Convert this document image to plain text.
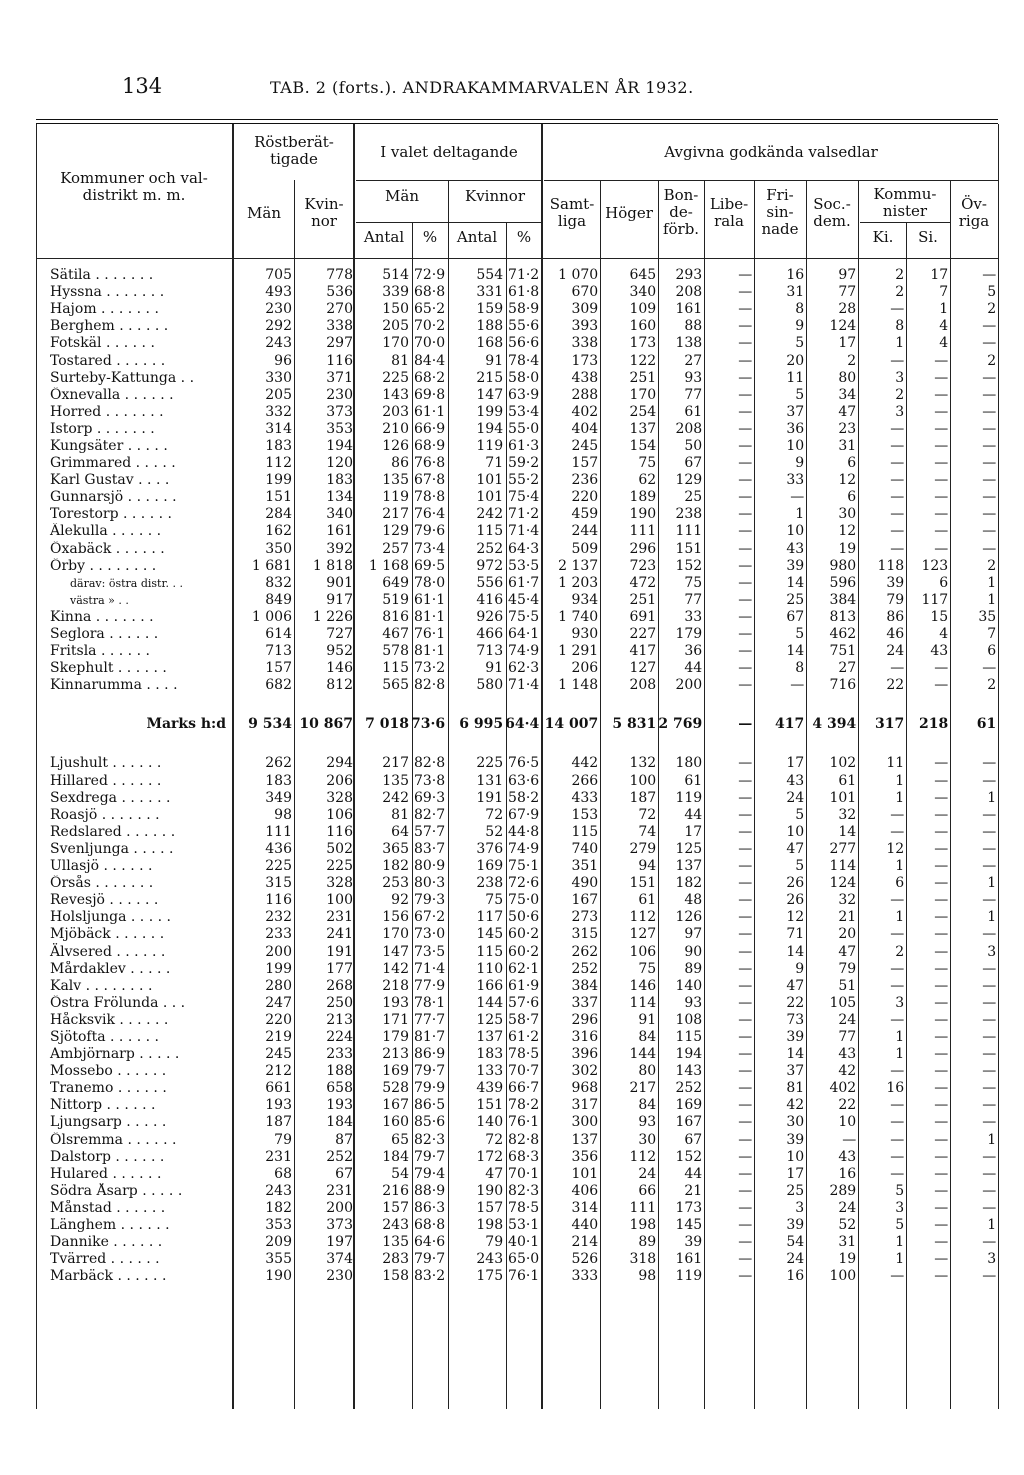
134	TAB. 2 (forts.). ANDRAKAMMARVALEN ÅR 1932.
Kommuner och val-
distrikt m. m.
Röstberät-
tigade
Män	Kvin-
nor
I valet deltagande
Män	Kvinnor
Antal	%	Antal	%
Avgivna godkända valsedlar
Samt-
liga	Höger
Bon-
de-
förb.
Libe-
rala
Fri-
sin-
nade
Soc.-
dem.
Kommu-
nister
Ki.	Si.
Öv-
riga
Sätila . . . . . . .	705	778	514	72·9	554	71·2	1 070	645	293	—	16	97	2	17	—
Hyssna . . . . . . .	493	536	339	68·8	331	61·8	670	340	208	—	31	77	2	7	5
Hajom . . . . . . .	230	270	150	65·2	159	58·9	309	109	161	—	8	28	—	1	2
Berghem . . . . . .	292	338	205	70·2	188	55·6	393	160	88	—	9	124	8	4	—
Fotskäl . . . . . .	243	297	170	70·0	168	56·6	338	173	138	—	5	17	1	4	—
Tostared . . . . . .	96	116	81	84·4	91	78·4	173	122	27	—	20	2	—	—	2
Surteby-Kattunga . .	330	371	225	68·2	215	58·0	438	251	93	—	11	80	3	—	—
Öxnevalla . . . . . .	205	230	143	69·8	147	63·9	288	170	77	—	5	34	2	—	—
Horred . . . . . . .	332	373	203	61·1	199	53·4	402	254	61	—	37	47	3	—	—
Istorp . . . . . . .	314	353	210	66·9	194	55·0	404	137	208	—	36	23	—	—	—
Kungsäter . . . . .	183	194	126	68·9	119	61·3	245	154	50	—	10	31	—	—	—
Grimmared . . . . .	112	120	86	76·8	71	59·2	157	75	67	—	9	6	—	—	—
Karl Gustav . . . .	199	183	135	67·8	101	55·2	236	62	129	—	33	12	—	—	—
Gunnarsjö . . . . . .	151	134	119	78·8	101	75·4	220	189	25	—	—	6	—	—	—
Torestorp . . . . . .	284	340	217	76·4	242	71·2	459	190	238	—	1	30	—	—	—
Älekulla . . . . . .	162	161	129	79·6	115	71·4	244	111	111	—	10	12	—	—	—
Öxabäck . . . . . .	350	392	257	73·4	252	64·3	509	296	151	—	43	19	—	—	—
Örby . . . . . . . .	1 681	1 818	1 168	69·5	972	53·5	2 137	723	152	—	39	980	118	123	2
därav: östra distr. . .	832	901	649	78·0	556	61·7	1 203	472	75	—	14	596	39	6	1
västra » . .	849	917	519	61·1	416	45·4	934	251	77	—	25	384	79	117	1
Kinna . . . . . . .	1 006	1 226	816	81·1	926	75·5	1 740	691	33	—	67	813	86	15	35
Seglora . . . . . .	614	727	467	76·1	466	64·1	930	227	179	—	5	462	46	4	7
Fritsla . . . . . .	713	952	578	81·1	713	74·9	1 291	417	36	—	14	751	24	43	6
Skephult . . . . . .	157	146	115	73·2	91	62·3	206	127	44	—	8	27	—	—	—
Kinnarumma . . . .	682	812	565	82·8	580	71·4	1 148	208	200	—	—	716	22	—	2

Marks h:d	9 534	10 867	7 018	73·6	6 995	64·4	14 007	5 831	2 769	—	417	4 394	317	218	61

Ljushult . . . . . .	262	294	217	82·8	225	76·5	442	132	180	—	17	102	11	—	—
Hillared . . . . . .	183	206	135	73·8	131	63·6	266	100	61	—	43	61	1	—	—
Sexdrega . . . . . .	349	328	242	69·3	191	58·2	433	187	119	—	24	101	1	—	1
Roasjö . . . . . . .	98	106	81	82·7	72	67·9	153	72	44	—	5	32	—	—	—
Redslared . . . . . .	111	116	64	57·7	52	44·8	115	74	17	—	10	14	—	—	—
Svenljunga . . . . .	436	502	365	83·7	376	74·9	740	279	125	—	47	277	12	—	—
Ullasjö . . . . . .	225	225	182	80·9	169	75·1	351	94	137	—	5	114	1	—	—
Örsås . . . . . . .	315	328	253	80·3	238	72·6	490	151	182	—	26	124	6	—	1
Revesjö . . . . . .	116	100	92	79·3	75	75·0	167	61	48	—	26	32	—	—	—
Holsljunga . . . . .	232	231	156	67·2	117	50·6	273	112	126	—	12	21	1	—	1
Mjöbäck . . . . . .	233	241	170	73·0	145	60·2	315	127	97	—	71	20	—	—	—
Älvsered . . . . . .	200	191	147	73·5	115	60·2	262	106	90	—	14	47	2	—	3
Mårdaklev . . . . .	199	177	142	71·4	110	62·1	252	75	89	—	9	79	—	—	—
Kalv . . . . . . . .	280	268	218	77·9	166	61·9	384	146	140	—	47	51	—	—	—
Östra Frölunda . . .	247	250	193	78·1	144	57·6	337	114	93	—	22	105	3	—	—
Håcksvik . . . . . .	220	213	171	77·7	125	58·7	296	91	108	—	73	24	—	—	—
Sjötofta . . . . . .	219	224	179	81·7	137	61·2	316	84	115	—	39	77	1	—	—
Ambjörnarp . . . . .	245	233	213	86·9	183	78·5	396	144	194	—	14	43	1	—	—
Mossebo . . . . . .	212	188	169	79·7	133	70·7	302	80	143	—	37	42	—	—	—
Tranemo . . . . . .	661	658	528	79·9	439	66·7	968	217	252	—	81	402	16	—	—
Nittorp . . . . . .	193	193	167	86·5	151	78·2	317	84	169	—	42	22	—	—	—
Ljungsarp . . . . .	187	184	160	85·6	140	76·1	300	93	167	—	30	10	—	—	—
Ölsremma . . . . . .	79	87	65	82·3	72	82·8	137	30	67	—	39	—	—	—	1
Dalstorp . . . . . .	231	252	184	79·7	172	68·3	356	112	152	—	10	43	—	—	—
Hulared . . . . . .	68	67	54	79·4	47	70·1	101	24	44	—	17	16	—	—	—
Södra Åsarp . . . . .	243	231	216	88·9	190	82·3	406	66	21	—	25	289	5	—	—
Månstad . . . . . .	182	200	157	86·3	157	78·5	314	111	173	—	3	24	3	—	—
Länghem . . . . . .	353	373	243	68·8	198	53·1	440	198	145	—	39	52	5	—	1
Dannike . . . . . .	209	197	135	64·6	79	40·1	214	89	39	—	54	31	1	—	—
Tvärred . . . . . .	355	374	283	79·7	243	65·0	526	318	161	—	24	19	1	—	3
Marbäck . . . . . .	190	230	158	83·2	175	76·1	333	98	119	—	16	100	—	—	—
